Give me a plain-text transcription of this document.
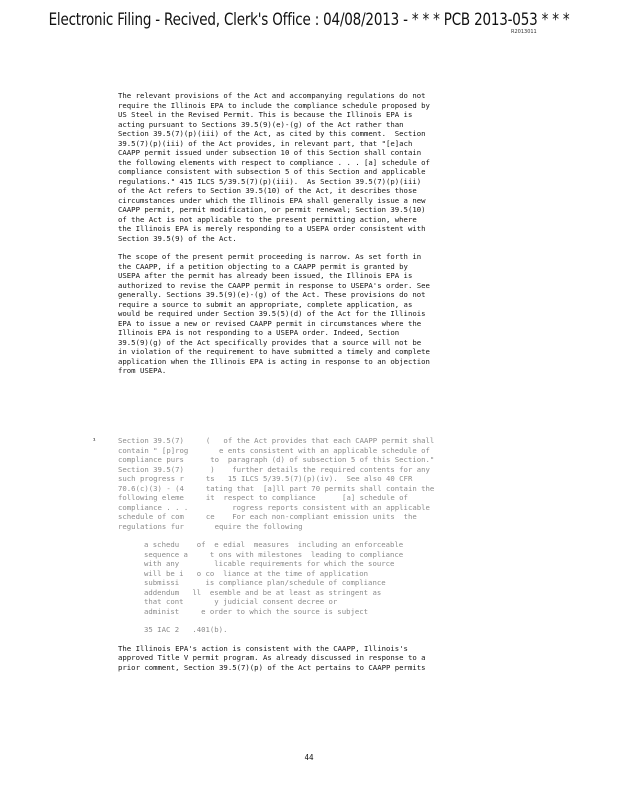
Electronic Filing - Recived, Clerk's Office : 04/08/2013 - * * * PCB 2013-053 * * *
R2013011
The relevant provisions of the Act and accompanying regulations do not
require the Illinois EPA to include the compliance schedule proposed by
US Steel in the Revised Permit. This is because the Illinois EPA is
acting pursuant to Sections 39.5(9)(e)-(g) of the Act rather than
Section 39.5(7)(p)(iii) of the Act, as cited by this comment.  Section
39.5(7)(p)(iii) of the Act provides, in relevant part, that "[e]ach
CAAPP permit issued under subsection 10 of this Section shall contain
the following elements with respect to compliance . . . [a] schedule of
compliance consistent with subsection 5 of this Section and applicable
regulations." 415 ILCS 5/39.5(7)(p)(iii).  As Section 39.5(7)(p)(iii)
of the Act refers to Section 39.5(10) of the Act, it describes those
circumstances under which the Illinois EPA shall generally issue a new
CAAPP permit, permit modification, or permit renewal; Section 39.5(10)
of the Act is not applicable to the present permitting action, where
the Illinois EPA is merely responding to a USEPA order consistent with
Section 39.5(9) of the Act.
The scope of the present permit proceeding is narrow. As set forth in
the CAAPP, if a petition objecting to a CAAPP permit is granted by
USEPA after the permit has already been issued, the Illinois EPA is
authorized to revise the CAAPP permit in response to USEPA's order. See
generally. Sections 39.5(9)(e)-(g) of the Act. These provisions do not
require a source to submit an appropriate, complete application, as
would be required under Section 39.5(5)(d) of the Act for the Illinois
EPA to issue a new or revised CAAPP permit in circumstances where the
Illinois EPA is not responding to a USEPA order. Indeed, Section
39.5(9)(g) of the Act specifically provides that a source will not be
in violation of the requirement to have submitted a timely and complete
application when the Illinois EPA is acting in response to an objection
from USEPA.
¹	Section 39.5(7)     (   of the Act provides that each CAAPP permit shall
contain " [p]rog       e ents consistent with an applicable schedule of
compliance purs      to  paragraph (d) of subsection 5 of this Section."
Section 39.5(7)      )    further details the required contents for any
such progress r     ts   15 ILCS 5/39.5(7)(p)(iv).  See also 40 CFR
70.6(c)(3) - (4     tating that  [a]ll part 70 permits shall contain the
following eleme     it  respect to compliance      [a] schedule of
compliance . . .          rogress reports consistent with an applicable
schedule of com     ce    For each non-compliant emission units  the
regulations fur       equire the following
a schedu    of  e edial  measures  including an enforceable
sequence a     t ons with milestones  leading to compliance
with any        licable requirements for which the source
will be i   o co  liance at the time of application
submissi      is compliance plan/schedule of compliance
addendum   ll  esemble and be at least as stringent as
that cont       y judicial consent decree or
administ     e order to which the source is subject
35 IAC 2   .401(b).
The Illinois EPA's action is consistent with the CAAPP, Illinois's
approved Title V permit program. As already discussed in response to a
prior comment, Section 39.5(7)(p) of the Act pertains to CAAPP permits
44
